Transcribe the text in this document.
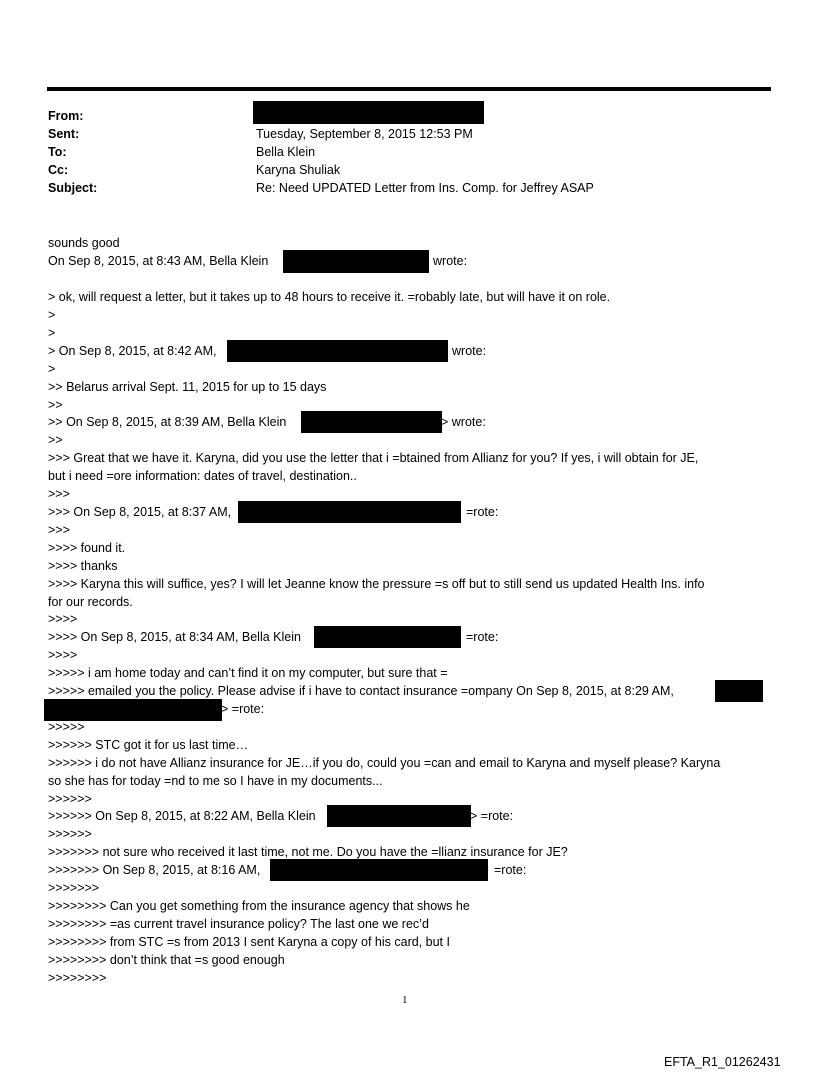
From:
Sent:	Tuesday, September 8, 2015 12:53 PM
To:	Bella Klein
Cc:	Karyna Shuliak
Subject:	Re: Need UPDATED Letter from Ins. Comp. for Jeffrey ASAP
sounds good
On Sep 8, 2015, at 8:43 AM, Bella Klein	wrote:
> ok, will request a letter, but it takes up to 48 hours to receive it. =robably late, but will have it on role.
>
>
> On Sep 8, 2015, at 8:42 AM,	wrote:
>
>> Belarus arrival Sept. 11, 2015 for up to 15 days
>>
>> On Sep 8, 2015, at 8:39 AM, Bella Klein	> wrote:
>>
>>> Great that we have it. Karyna, did you use the letter that i =btained from Allianz for you? If yes, i will obtain for JE,
but i need =ore information: dates of travel, destination..
>>>
>>> On Sep 8, 2015, at 8:37 AM,	=rote:
>>>
>>>> found it.
>>>> thanks
>>>> Karyna this will suffice, yes? I will let Jeanne know the pressure =s off but to still send us updated Health Ins. info
for our records.
>>>>
>>>> On Sep 8, 2015, at 8:34 AM, Bella Klein	=rote:
>>>>
>>>>> i am home today and can’t find it on my computer, but sure that =
>>>>> emailed you the policy. Please advise if i have to contact insurance =ompany On Sep 8, 2015, at 8:29 AM,
> =rote:
>>>>>
>>>>>> STC got it for us last time…
>>>>>> i do not have Allianz insurance for JE…if you do, could you =can and email to Karyna and myself please? Karyna
so she has for today =nd to me so I have in my documents...
>>>>>>
>>>>>> On Sep 8, 2015, at 8:22 AM, Bella Klein	> =rote:
>>>>>>
>>>>>>> not sure who received it last time, not me. Do you have the =llianz insurance for JE?
>>>>>>> On Sep 8, 2015, at 8:16 AM,	=rote:
>>>>>>>
>>>>>>>> Can you get something from the insurance agency that shows he
>>>>>>>> =as current travel insurance policy? The last one we rec’d
>>>>>>>> from STC =s from 2013 I sent Karyna a copy of his card, but I
>>>>>>>> don’t think that =s good enough
>>>>>>>>
1
EFTA_R1_01262431
